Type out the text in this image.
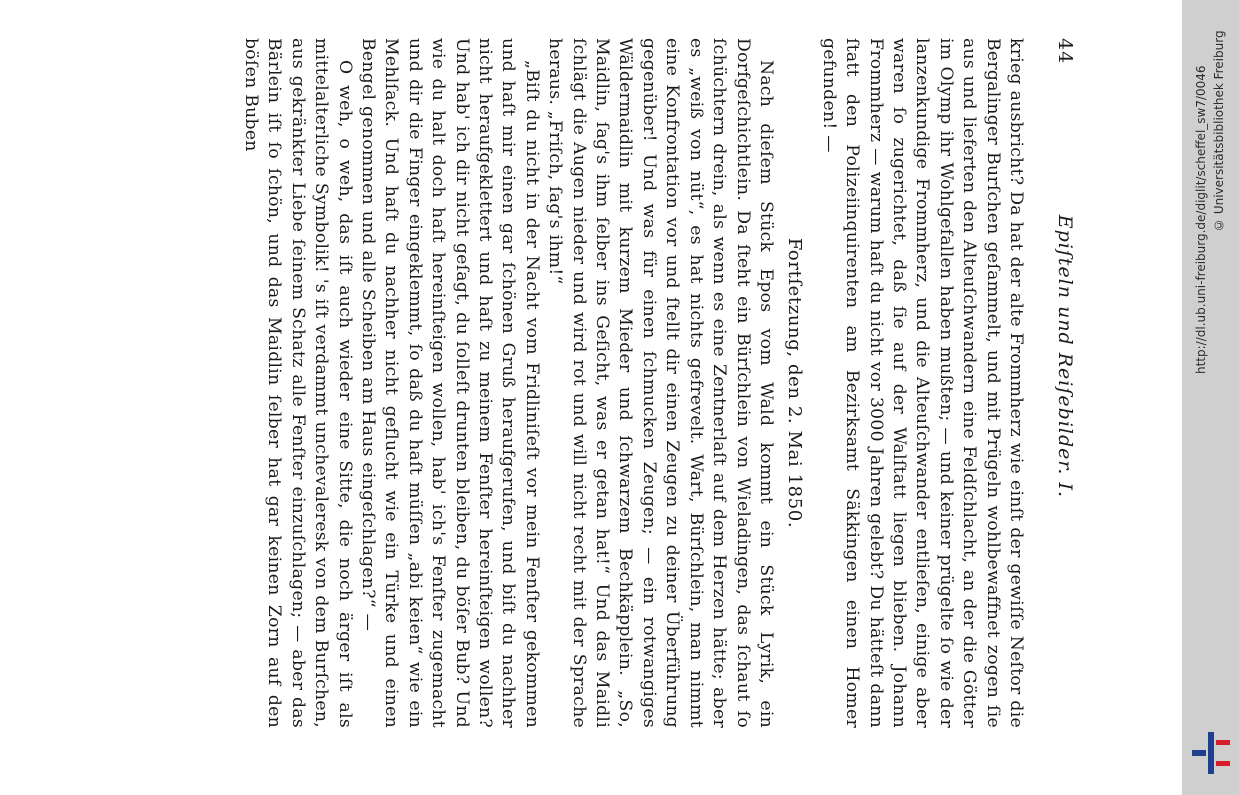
44
Epiſteln und Reiſebilder. I.

krieg ausbricht? Da hat der alte Frommherz wie einſt der gewiſſe Neſtor die Bergalinger Burſchen geſammelt, und mit Prügeln wohlbewaffnet zogen ſie aus und lieferten den Alteuſchwandern eine Feldſchlacht, an der die Götter im Olymp ihr Wohlgefallen haben mußten; — und keiner prügelte ſo wie der lanzenkundige Frommherz, und die Alteuſchwander entlieſen, einige aber waren ſo zugerichtet, daß ſie auf der Walſtatt liegen blieben. Johann Frommherz — warum haſt du nicht vor 3000 Jahren gelebt? Du hätteſt dann ſtatt den Polizeiinquirenten am Bezirksamt Säkkingen einen Homer gefunden! —

Fortſetzung, den 2. Mai 1850.

Nach dieſem Stück Epos vom Wald kommt ein Stück Lyrik, ein Dorfgeſchichtlein. Da ſteht ein Bürſchlein von Wieladingen, das ſchaut ſo ſchüchtern drein, als wenn es eine Zentnerlaſt auf dem Herzen hätte; aber es „weiß von nüt“, es hat nichts gefrevelt. Wart, Bürſchlein, man nimmt eine Konfrontation vor und ſtellt dir einen Zeugen zu deiner Überführung gegenüber! Und was für einen ſchmucken Zeugen; — ein rotwangiges Wäldermaidlin mit kurzem Mieder und ſchwarzem Bechkäpplein. „So, Maidlin, ſag's ihm ſelber ins Geſicht, was er getan hat!“ Und das Maidli ſchlägt die Augen nieder und wird rot und will nicht recht mit der Sprache heraus. „Friſch, ſag's ihm!“

„Biſt du nicht in der Nacht vom Fridliniſeſt vor mein Fenſter gekommen und haſt mir einen gar ſchönen Gruß heraufgerufen, und biſt du nachher nicht heraufgeklettert und haſt zu meinem Fenſter hereinſteigen wollen? Und hab' ich dir nicht geſagt, du ſolleſt drunten bleiben, du böſer Bub? Und wie du halt doch haſt hereinſteigen wollen, hab' ich's Fenſter zugemacht und dir die Finger eingeklemmt, ſo daß du haſt müſſen „abi keien“ wie ein Mehlſack. Und haſt du nachher nicht geflucht wie ein Türke und einen Bengel genommen und alle Scheiben am Haus eingeſchlagen?“ —

O weh, o weh, das iſt auch wieder eine Sitte, die noch ärger iſt als mittelalterliche Symbolik! 's iſt verdammt unchevaleresk von dem Burſchen, aus gekränkter Liebe ſeinem Schatz alle Fenſter einzuſchlagen; — aber das Bärlein iſt ſo ſchön, und das Maidlin ſelber hat gar keinen Zorn auf den böſen Buben	http://dl.ub.uni-freiburg.de/diglit/scheffel_sw7/0046 © Universitätsbibliothek Freiburg
